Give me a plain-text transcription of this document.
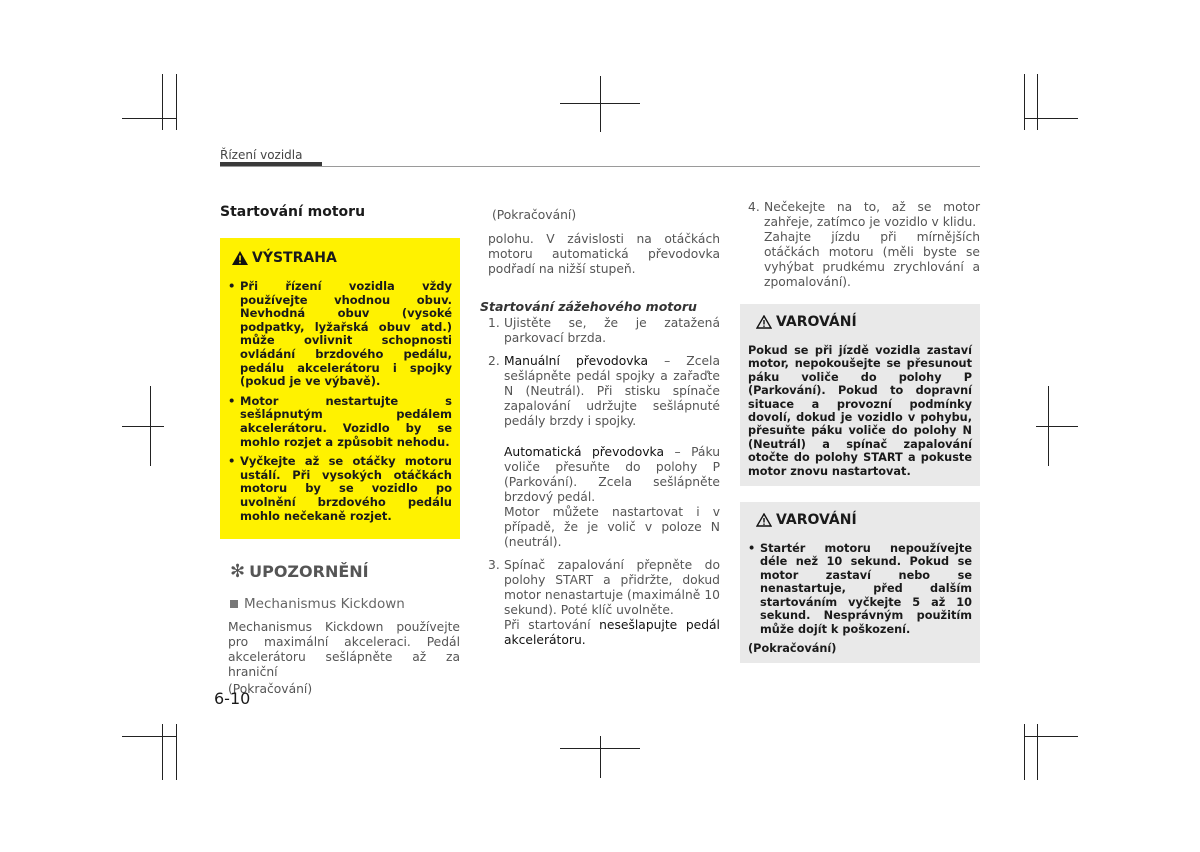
Řízení vozidla
Startování motoru
VÝSTRAHA
• Při řízení vozidla vždy používejte vhodnou obuv. Nevhodná obuv (vysoké podpatky, lyžařská obuv atd.) může ovlivnit schopnosti ovládání brzdového pedálu, pedálu akcelerátoru i spojky (pokud je ve výbavě).
• Motor nestartujte s sešlápnutým pedálem akcelerátoru. Vozidlo by se mohlo rozjet a způsobit nehodu.
• Vyčkejte až se otáčky motoru ustálí. Při vysokých otáčkách motoru by se vozidlo po uvolnění brzdového pedálu mohlo nečekaně rozjet.
✻ UPOZORNĚNÍ
Mechanismus Kickdown
Mechanismus Kickdown používejte pro maximální akceleraci. Pedál akcelerátoru sešlápněte až za hraniční
(Pokračování)
(Pokračování)
polohu. V závislosti na otáčkách motoru automatická převodovka podřadí na nižší stupeň.
Startování zážehového motoru
1. Ujistěte se, že je zatažená parkovací brzda.
2. Manuální převodovka – Zcela sešlápněte pedál spojky a zařaďte N (Neutrál). Při stisku spínače zapalování udržujte sešlápnuté pedály brzdy i spojky.
Automatická převodovka – Páku voliče přesuňte do polohy P (Parkování). Zcela sešlápněte brzdový pedál.
Motor můžete nastartovat i v případě, že je volič v poloze N (neutrál).
3. Spínač zapalování přepněte do polohy START a přidržte, dokud motor nenastartuje (maximálně 10 sekund). Poté klíč uvolněte.
Při startování nesešlapujte pedál akcelerátoru.
4. Nečekejte na to, až se motor zahřeje, zatímco je vozidlo v klidu.
Zahajte jízdu při mírnějších otáčkách motoru (měli byste se vyhýbat prudkému zrychlování a zpomalování).
VAROVÁNÍ

Pokud se při jízdě vozidla zastaví motor, nepokoušejte se přesunout páku voliče do polohy P (Parkování). Pokud to dopravní situace a provozní podmínky dovolí, dokud je vozidlo v pohybu, přesuňte páku voliče do polohy N (Neutrál) a spínač zapalování otočte do polohy START a pokuste motor znovu nastartovat.

VAROVÁNÍ
• Startér motoru nepoužívejte déle než 10 sekund. Pokud se motor zastaví nebo se nenastartuje, před dalším startováním vyčkejte 5 až 10 sekund. Nesprávným použitím může dojít k poškození.

(Pokračování)

6-10
